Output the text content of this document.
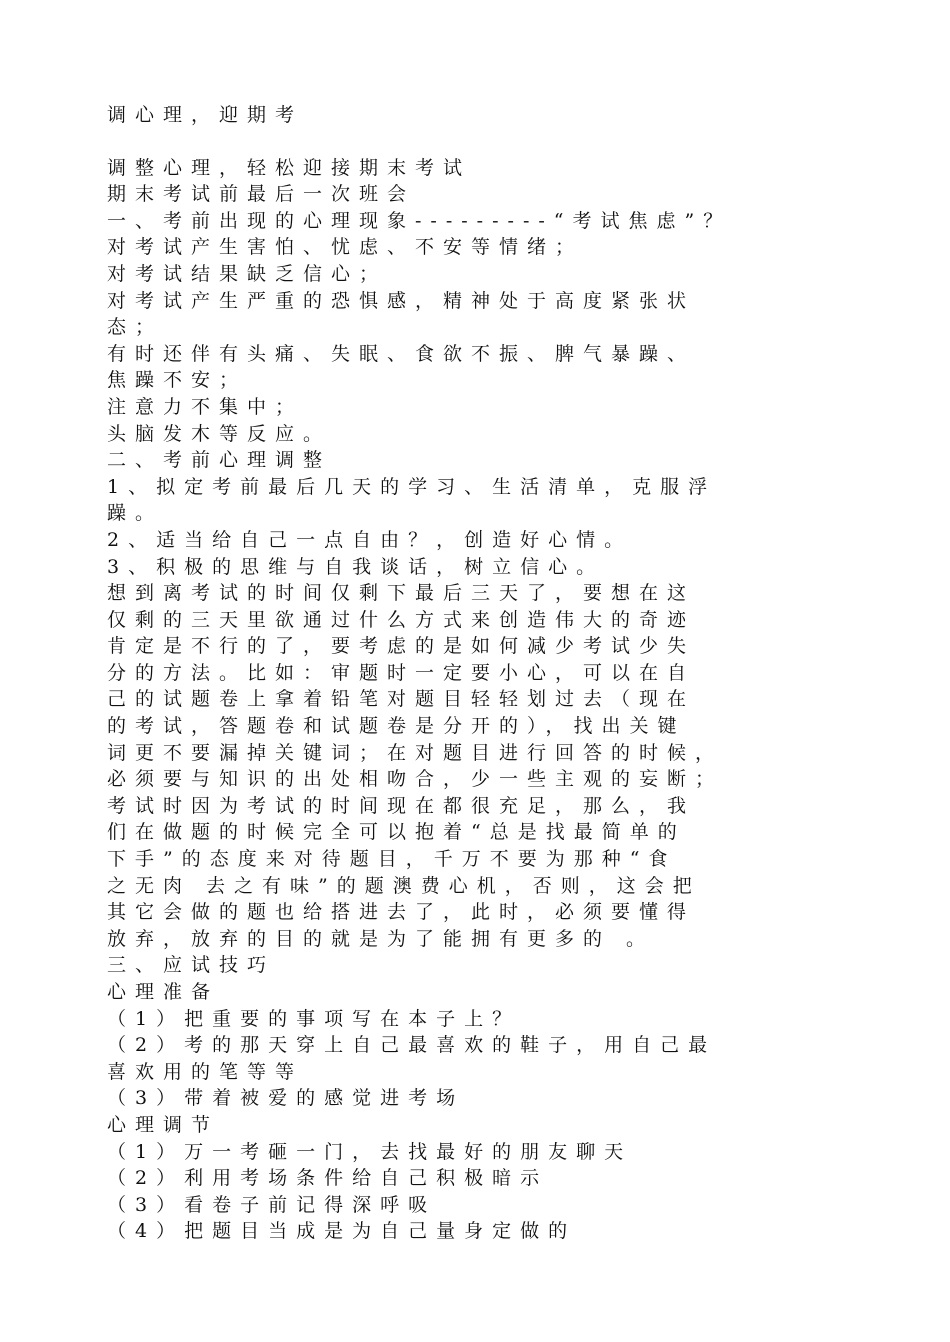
调心理，迎期考
调整心理，轻松迎接期末考试
期末考试前最后一次班会
一、考前出现的心理现象---------“考试焦虑”？
对考试产生害怕、忧虑、不安等情绪；
对考试结果缺乏信心；
对考试产生严重的恐惧感，精神处于高度紧张状
态；
有时还伴有头痛、失眠、食欲不振、脾气暴躁、
焦躁不安；
注意力不集中；
头脑发木等反应。
二、考前心理调整
1、拟定考前最后几天的学习、生活清单，克服浮
躁。
2、适当给自己一点自由？，创造好心情。
3、积极的思维与自我谈话，树立信心。
想到离考试的时间仅剩下最后三天了，要想在这
仅剩的三天里欲通过什么方式来创造伟大的奇迹
肯定是不行的了，要考虑的是如何减少考试少失
分的方法。比如：审题时一定要小心，可以在自
己的试题卷上拿着铅笔对题目轻轻划过去（现在
的考试，答题卷和试题卷是分开的），找出关键
词更不要漏掉关键词；在对题目进行回答的时候，
必须要与知识的出处相吻合，少一些主观的妄断；
考试时因为考试的时间现在都很充足，那么，我
们在做题的时候完全可以抱着“总是找最简单的
下手”的态度来对待题目，千万不要为那种“食
之无肉 去之有味”的题澳费心机，否则，这会把
其它会做的题也给搭进去了，此时，必须要懂得
放弃，放弃的目的就是为了能拥有更多的 。
三、应试技巧
心理准备
（1）把重要的事项写在本子上？
（2）考的那天穿上自己最喜欢的鞋子，用自己最
喜欢用的笔等等
（3）带着被爱的感觉进考场
心理调节
（1）万一考砸一门，去找最好的朋友聊天
（2）利用考场条件给自己积极暗示
（3）看卷子前记得深呼吸
（4）把题目当成是为自己量身定做的
